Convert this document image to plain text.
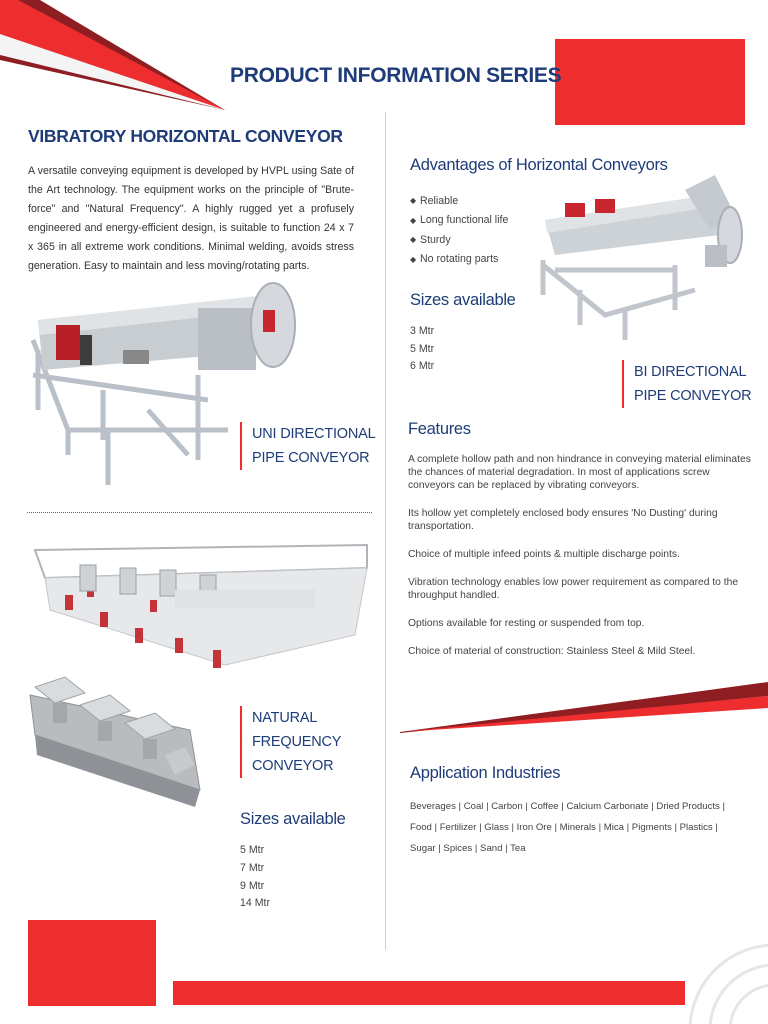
PRODUCT INFORMATION SERIES
VIBRATORY HORIZONTAL CONVEYOR
A versatile conveying equipment is developed by HVPL using Sate of the Art technology. The equipment works on the principle of "Brute-force" and "Natural Frequency". A highly rugged yet a profusely engineered and energy-efficient design, is suitable to function 24 x 7 x 365 in all extreme work conditions. Minimal welding, avoids stress generation. Easy to maintain and less moving/rotating parts.
UNI DIRECTIONAL
PIPE CONVEYOR
NATURAL
FREQUENCY
CONVEYOR
Sizes available
5 Mtr
7 Mtr
9 Mtr
14 Mtr
Advantages of Horizontal Conveyors
◆ Reliable
◆ Long functional life
◆ Sturdy
◆ No rotating parts
Sizes available
3 Mtr
5 Mtr
6 Mtr	BI DIRECTIONAL
PIPE CONVEYOR
Features

A complete hollow path and non hindrance in conveying material eliminates the chances of material degradation. In most of applications screw conveyors can be replaced by vibrating conveyors.

Its hollow yet completely enclosed body ensures 'No Dusting' during transportation.

Choice of multiple infeed points & multiple discharge points.

Vibration technology enables low power requirement as compared to the throughput handled.

Options available for resting or suspended from top.

Choice of material of construction: Stainless Steel & Mild Steel.

Application Industries
Beverages | Coal | Carbon | Coffee | Calcium Carbonate | Dried Products |
Food | Fertilizer | Glass | Iron Ore | Minerals | Mica | Pigments | Plastics |
Sugar | Spices | Sand | Tea
